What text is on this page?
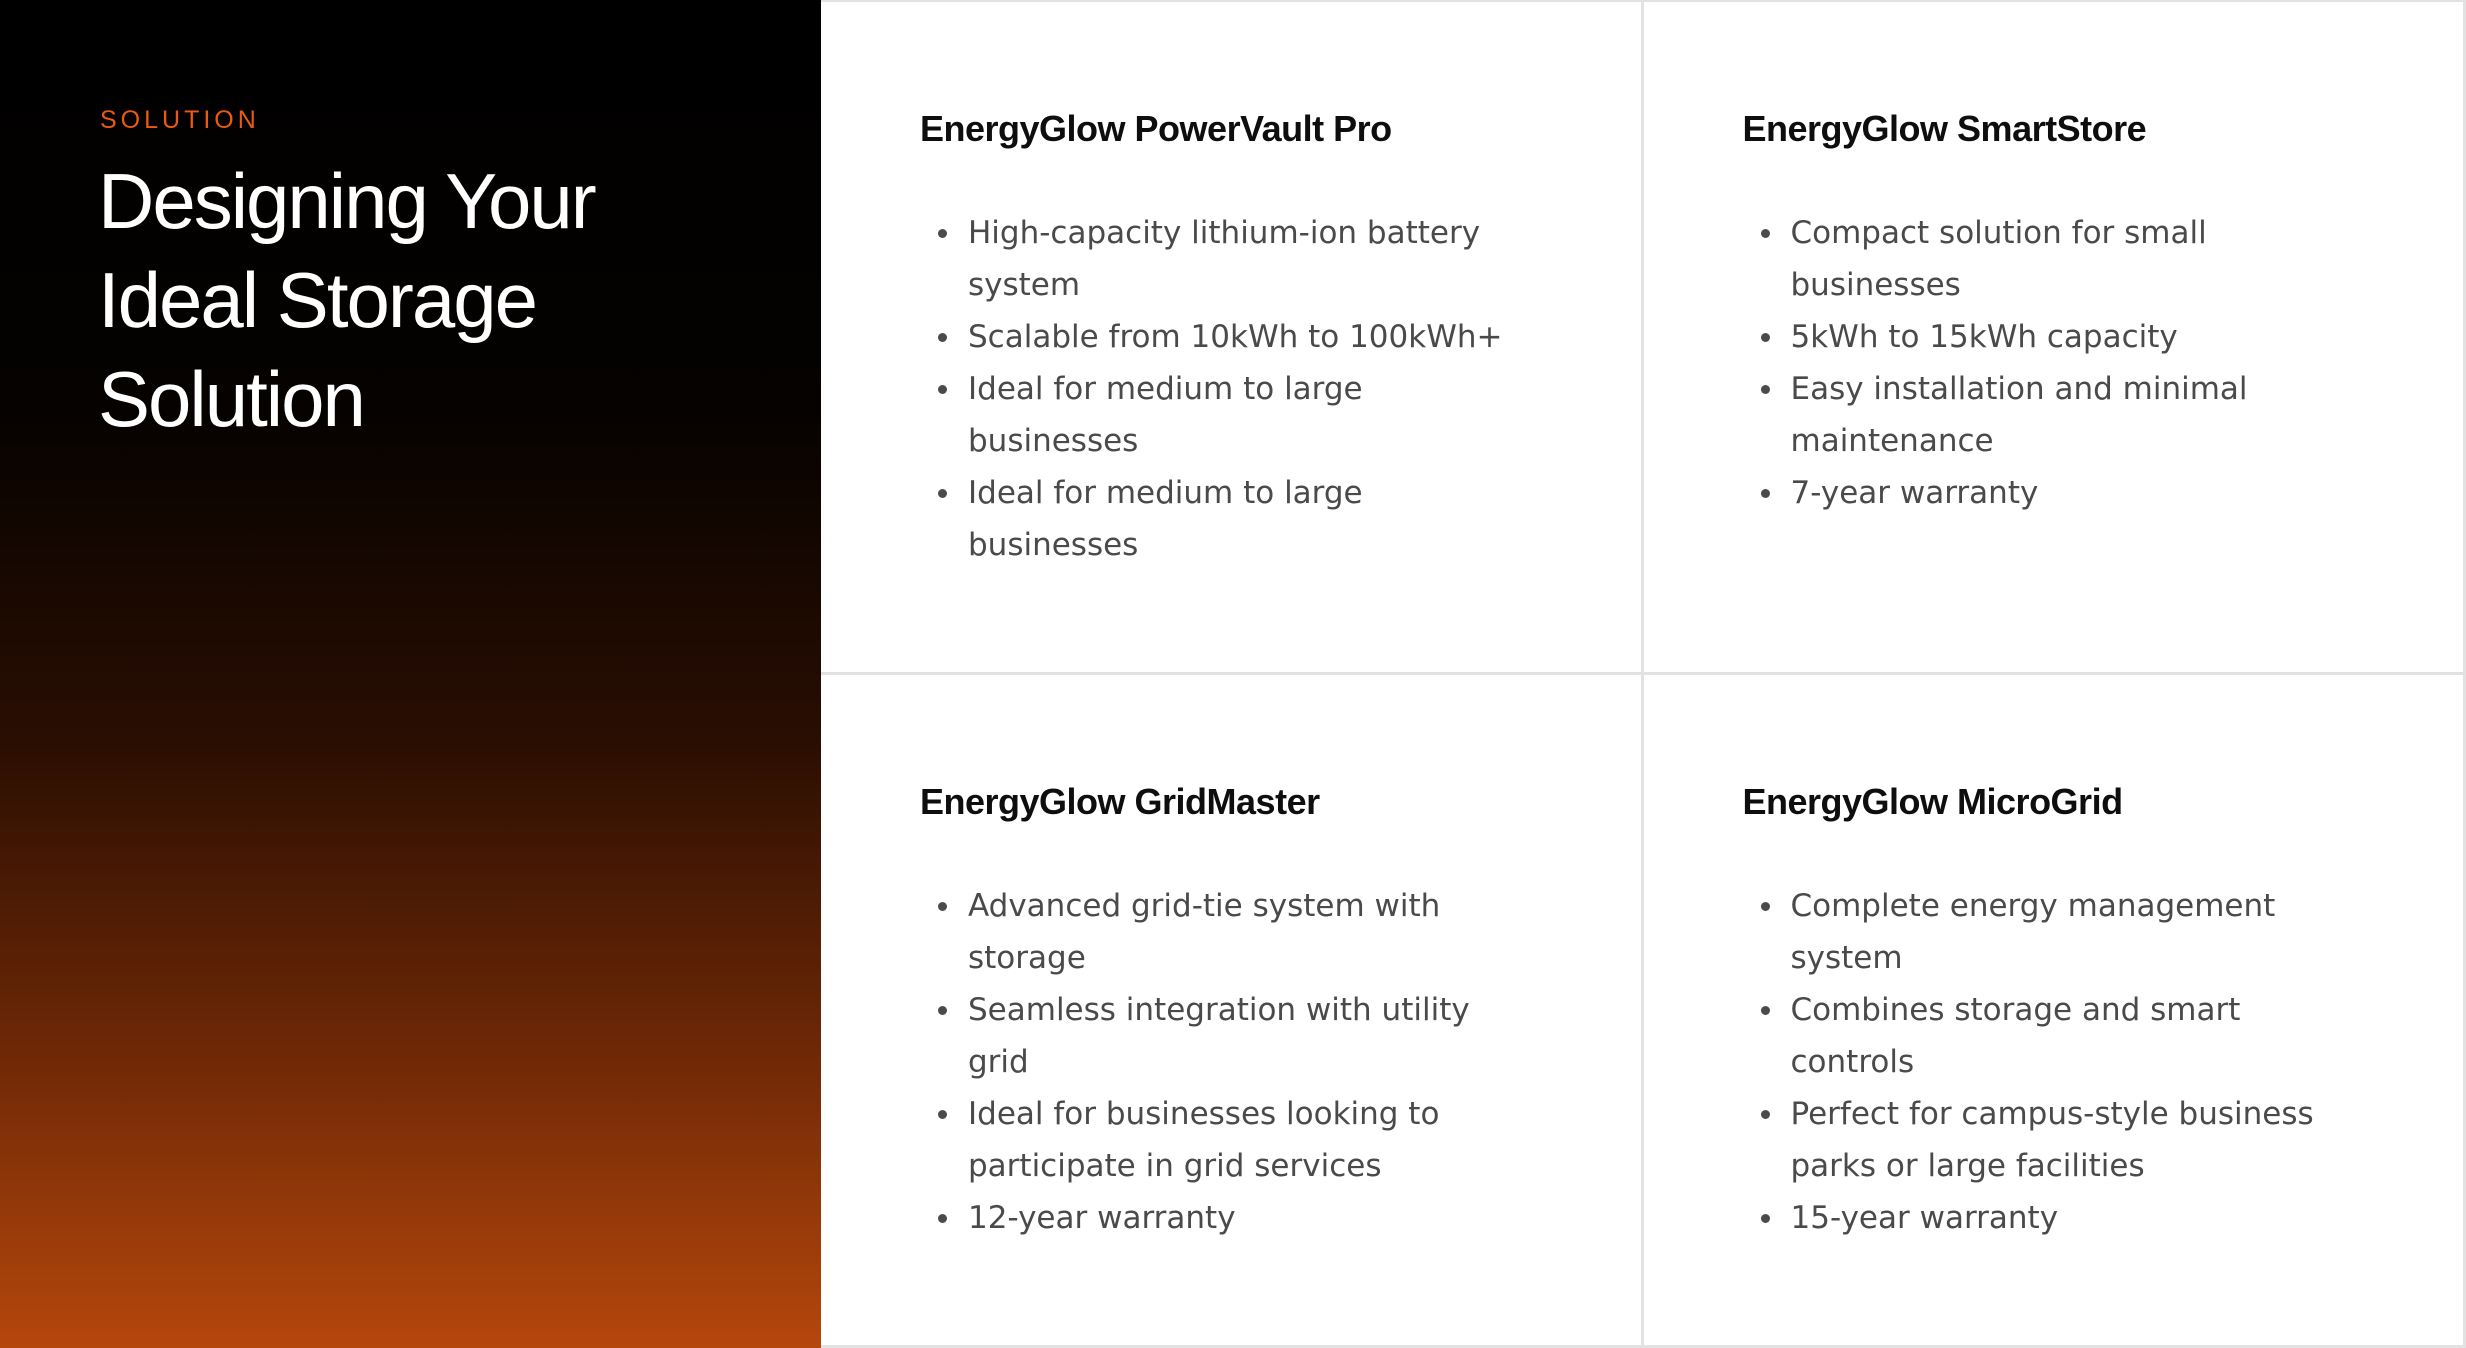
SOLUTION
Designing Your
Ideal Storage
Solution
EnergyGlow PowerVault Pro
High-capacity lithium-ion battery system
Scalable from 10kWh to 100kWh+
Ideal for medium to large businesses
Ideal for medium to large businesses
EnergyGlow SmartStore
Compact solution for small businesses
5kWh to 15kWh capacity
Easy installation and minimal maintenance
7-year warranty
EnergyGlow GridMaster
Advanced grid-tie system with storage
Seamless integration with utility grid
Ideal for businesses looking to participate in grid services
12-year warranty
EnergyGlow MicroGrid
Complete energy management system
Combines storage and smart controls
Perfect for campus-style business parks or large facilities
15-year warranty
